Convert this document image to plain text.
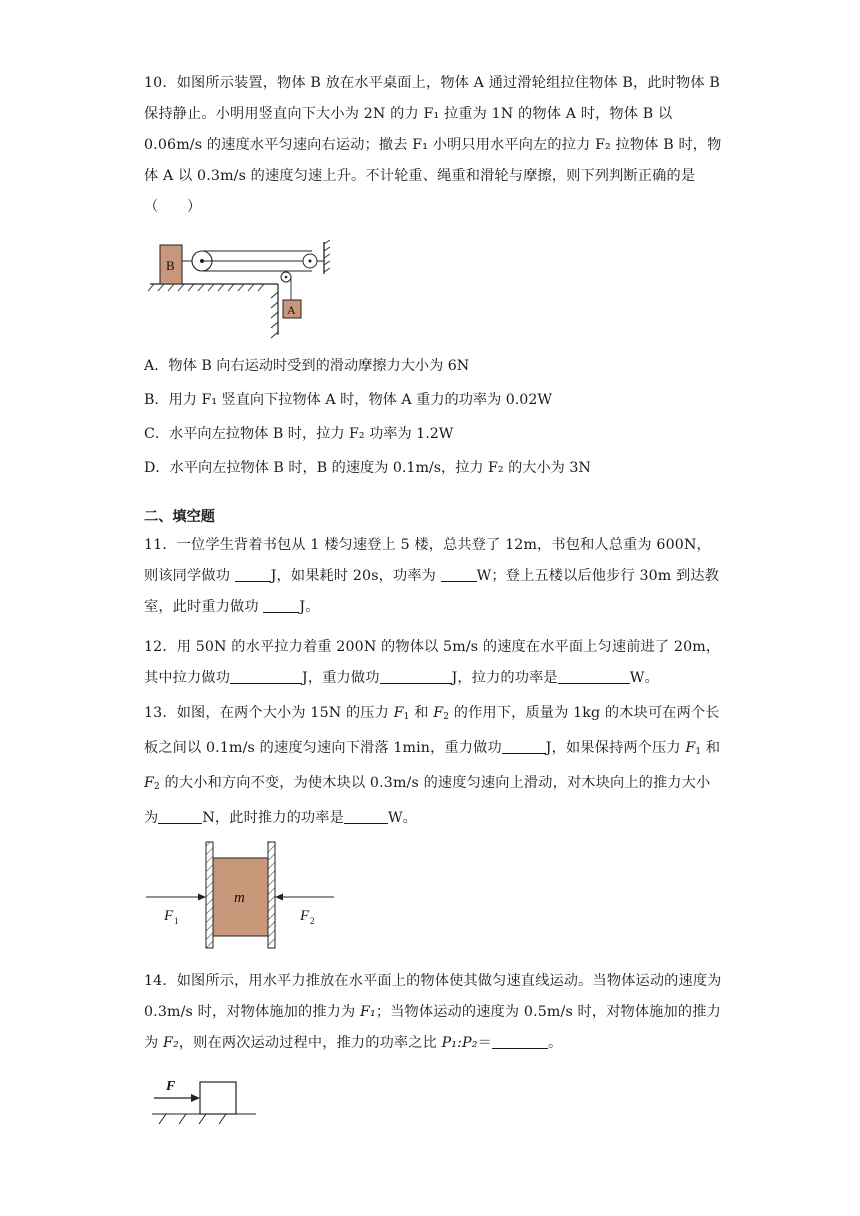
10．如图所示装置，物体 B 放在水平桌面上，物体 A 通过滑轮组拉住物体 B，此时物体 B 保持静止。小明用竖直向下大小为 2N 的力 F₁ 拉重为 1N 的物体 A 时，物体 B 以 0.06m/s 的速度水平匀速向右运动；撤去 F₁ 小明只用水平向左的拉力 F₂ 拉物体 B 时，物体 A 以 0.3m/s 的速度匀速上升。不计轮重、绳重和滑轮与摩擦，则下列判断正确的是（　　）

B
A
A．物体 B 向右运动时受到的滑动摩擦力大小为 6N
B．用力 F₁ 竖直向下拉物体 A 时，物体 A 重力的功率为 0.02W
C．水平向左拉物体 B 时，拉力 F₂ 功率为 1.2W
D．水平向左拉物体 B 时，B 的速度为 0.1m/s，拉力 F₂ 的大小为 3N
二、填空题

11．一位学生背着书包从 1 楼匀速登上 5 楼，总共登了 12m，书包和人总重为 600N，则该同学做功	J，如果耗时 20s，功率为	W；登上五楼以后他步行 30m 到达教室，此时重力做功	J。

12．用 50N 的水平拉力着重 200N 的物体以 5m/s 的速度在水平面上匀速前进了 20m，其中拉力做功	J，重力做功	J，拉力的功率是	W。

13．如图，在两个大小为 15N 的压力 $F_1$ 和 $F_2$ 的作用下，质量为 1kg 的木块可在两个长板之间以 0.1m/s 的速度匀速向下滑落 1min，重力做功	J，如果保持两个压力 $F_1$ 和 $F_2$ 的大小和方向不变，为使木块以 0.3m/s 的速度匀速向上滑动，对木块向上的推力大小为	N，此时推力的功率是	W。

m
F 1	F 2

14．如图所示，用水平力推放在水平面上的物体使其做匀速直线运动。当物体运动的速度为 0.3m/s 时，对物体施加的推力为 F₁；当物体运动的速度为 0.5m/s 时，对物体施加的推力为 F₂，则在两次运动过程中，推力的功率之比 P₁:P₂＝	。

F
